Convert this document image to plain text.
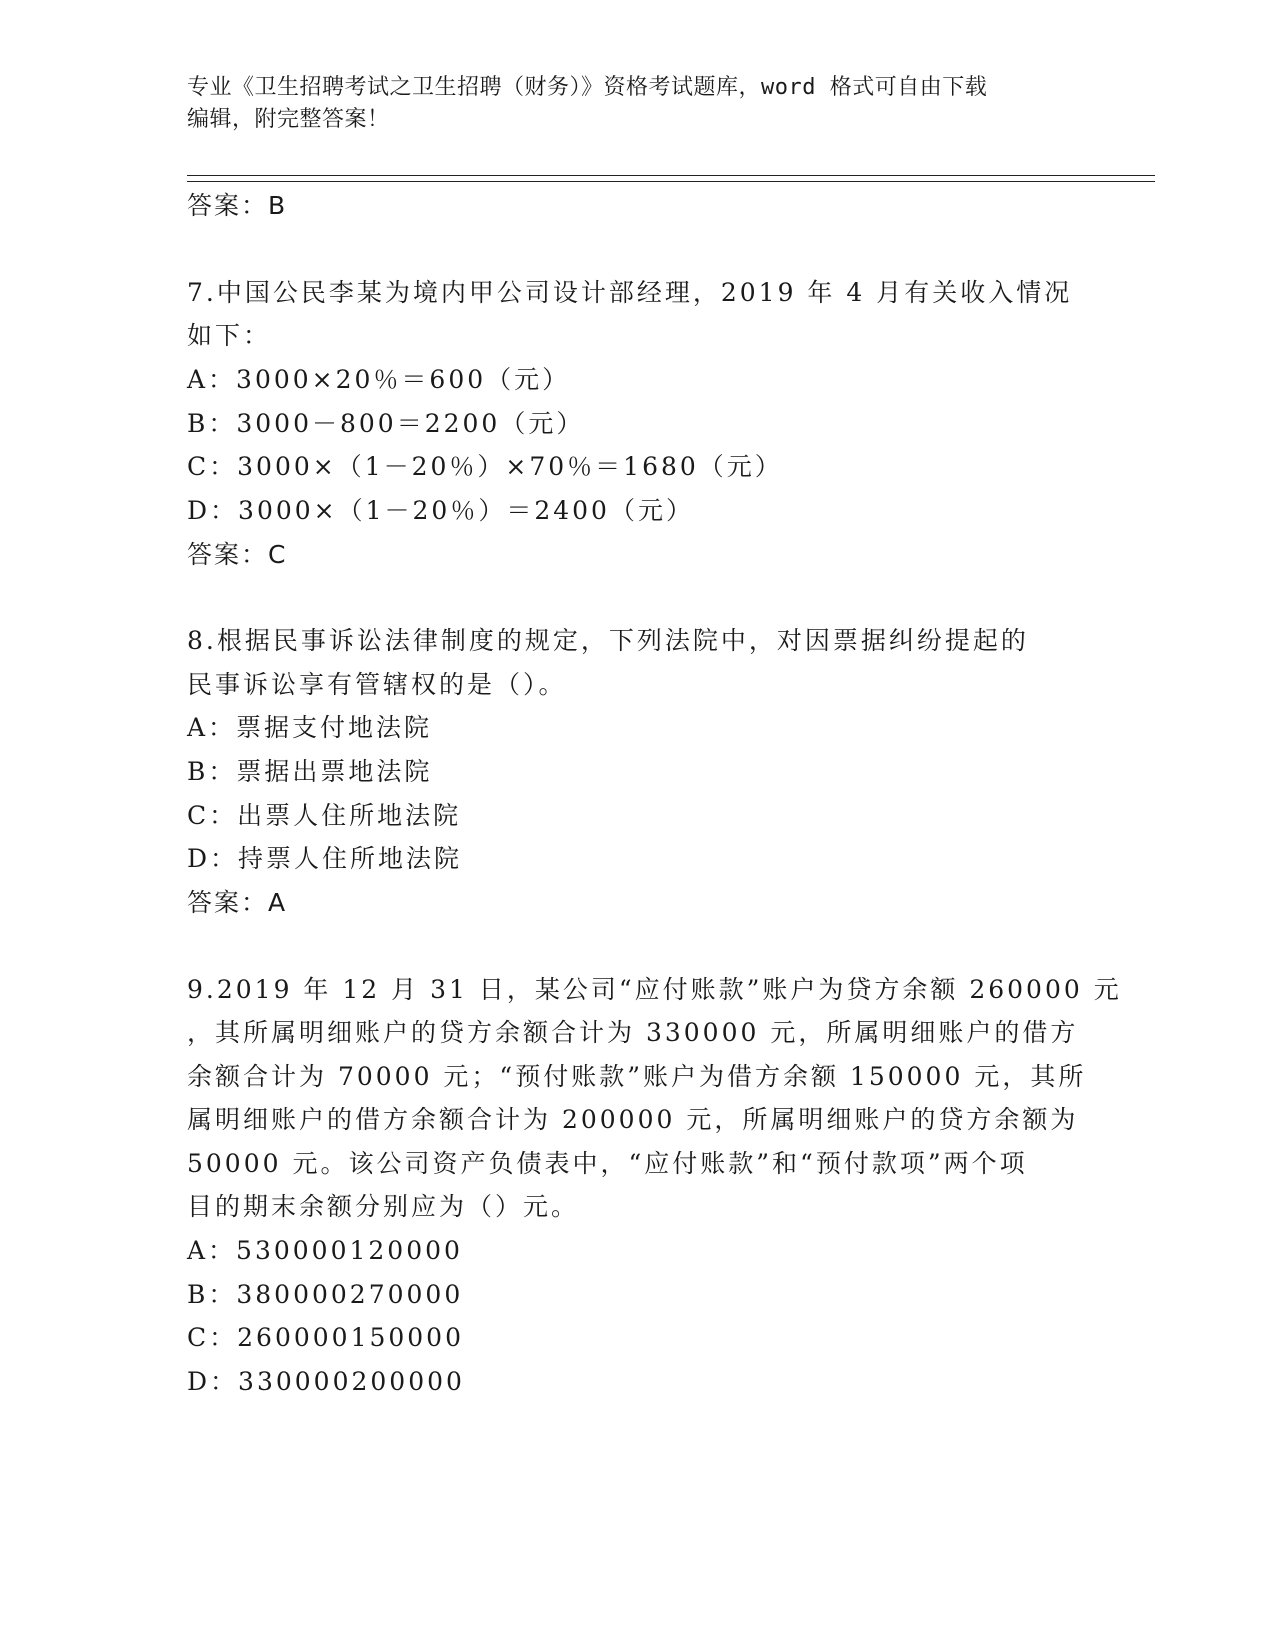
专业《卫生招聘考试之卫生招聘（财务）》资格考试题库，word 格式可自由下载
编辑，附完整答案！
答案：B
7.中国公民李某为境内甲公司设计部经理，2019 年 4 月有关收入情况
如下：
A：3000×20％＝600（元）
B：3000－800＝2200（元）
C：3000×（1－20％）×70％＝1680（元）
D：3000×（1－20％）＝2400（元）
答案：C
8.根据民事诉讼法律制度的规定，下列法院中，对因票据纠纷提起的
民事诉讼享有管辖权的是（）。
A：票据支付地法院
B：票据出票地法院
C：出票人住所地法院
D：持票人住所地法院
答案：A
9.2019 年 12 月 31 日，某公司“应付账款”账户为贷方余额 260000 元
，其所属明细账户的贷方余额合计为 330000 元，所属明细账户的借方
余额合计为 70000 元；“预付账款”账户为借方余额 150000 元，其所
属明细账户的借方余额合计为 200000 元，所属明细账户的贷方余额为
50000 元。该公司资产负债表中，“应付账款”和“预付款项”两个项
目的期末余额分别应为（）元。
A：530000120000
B：380000270000
C：260000150000
D：330000200000
